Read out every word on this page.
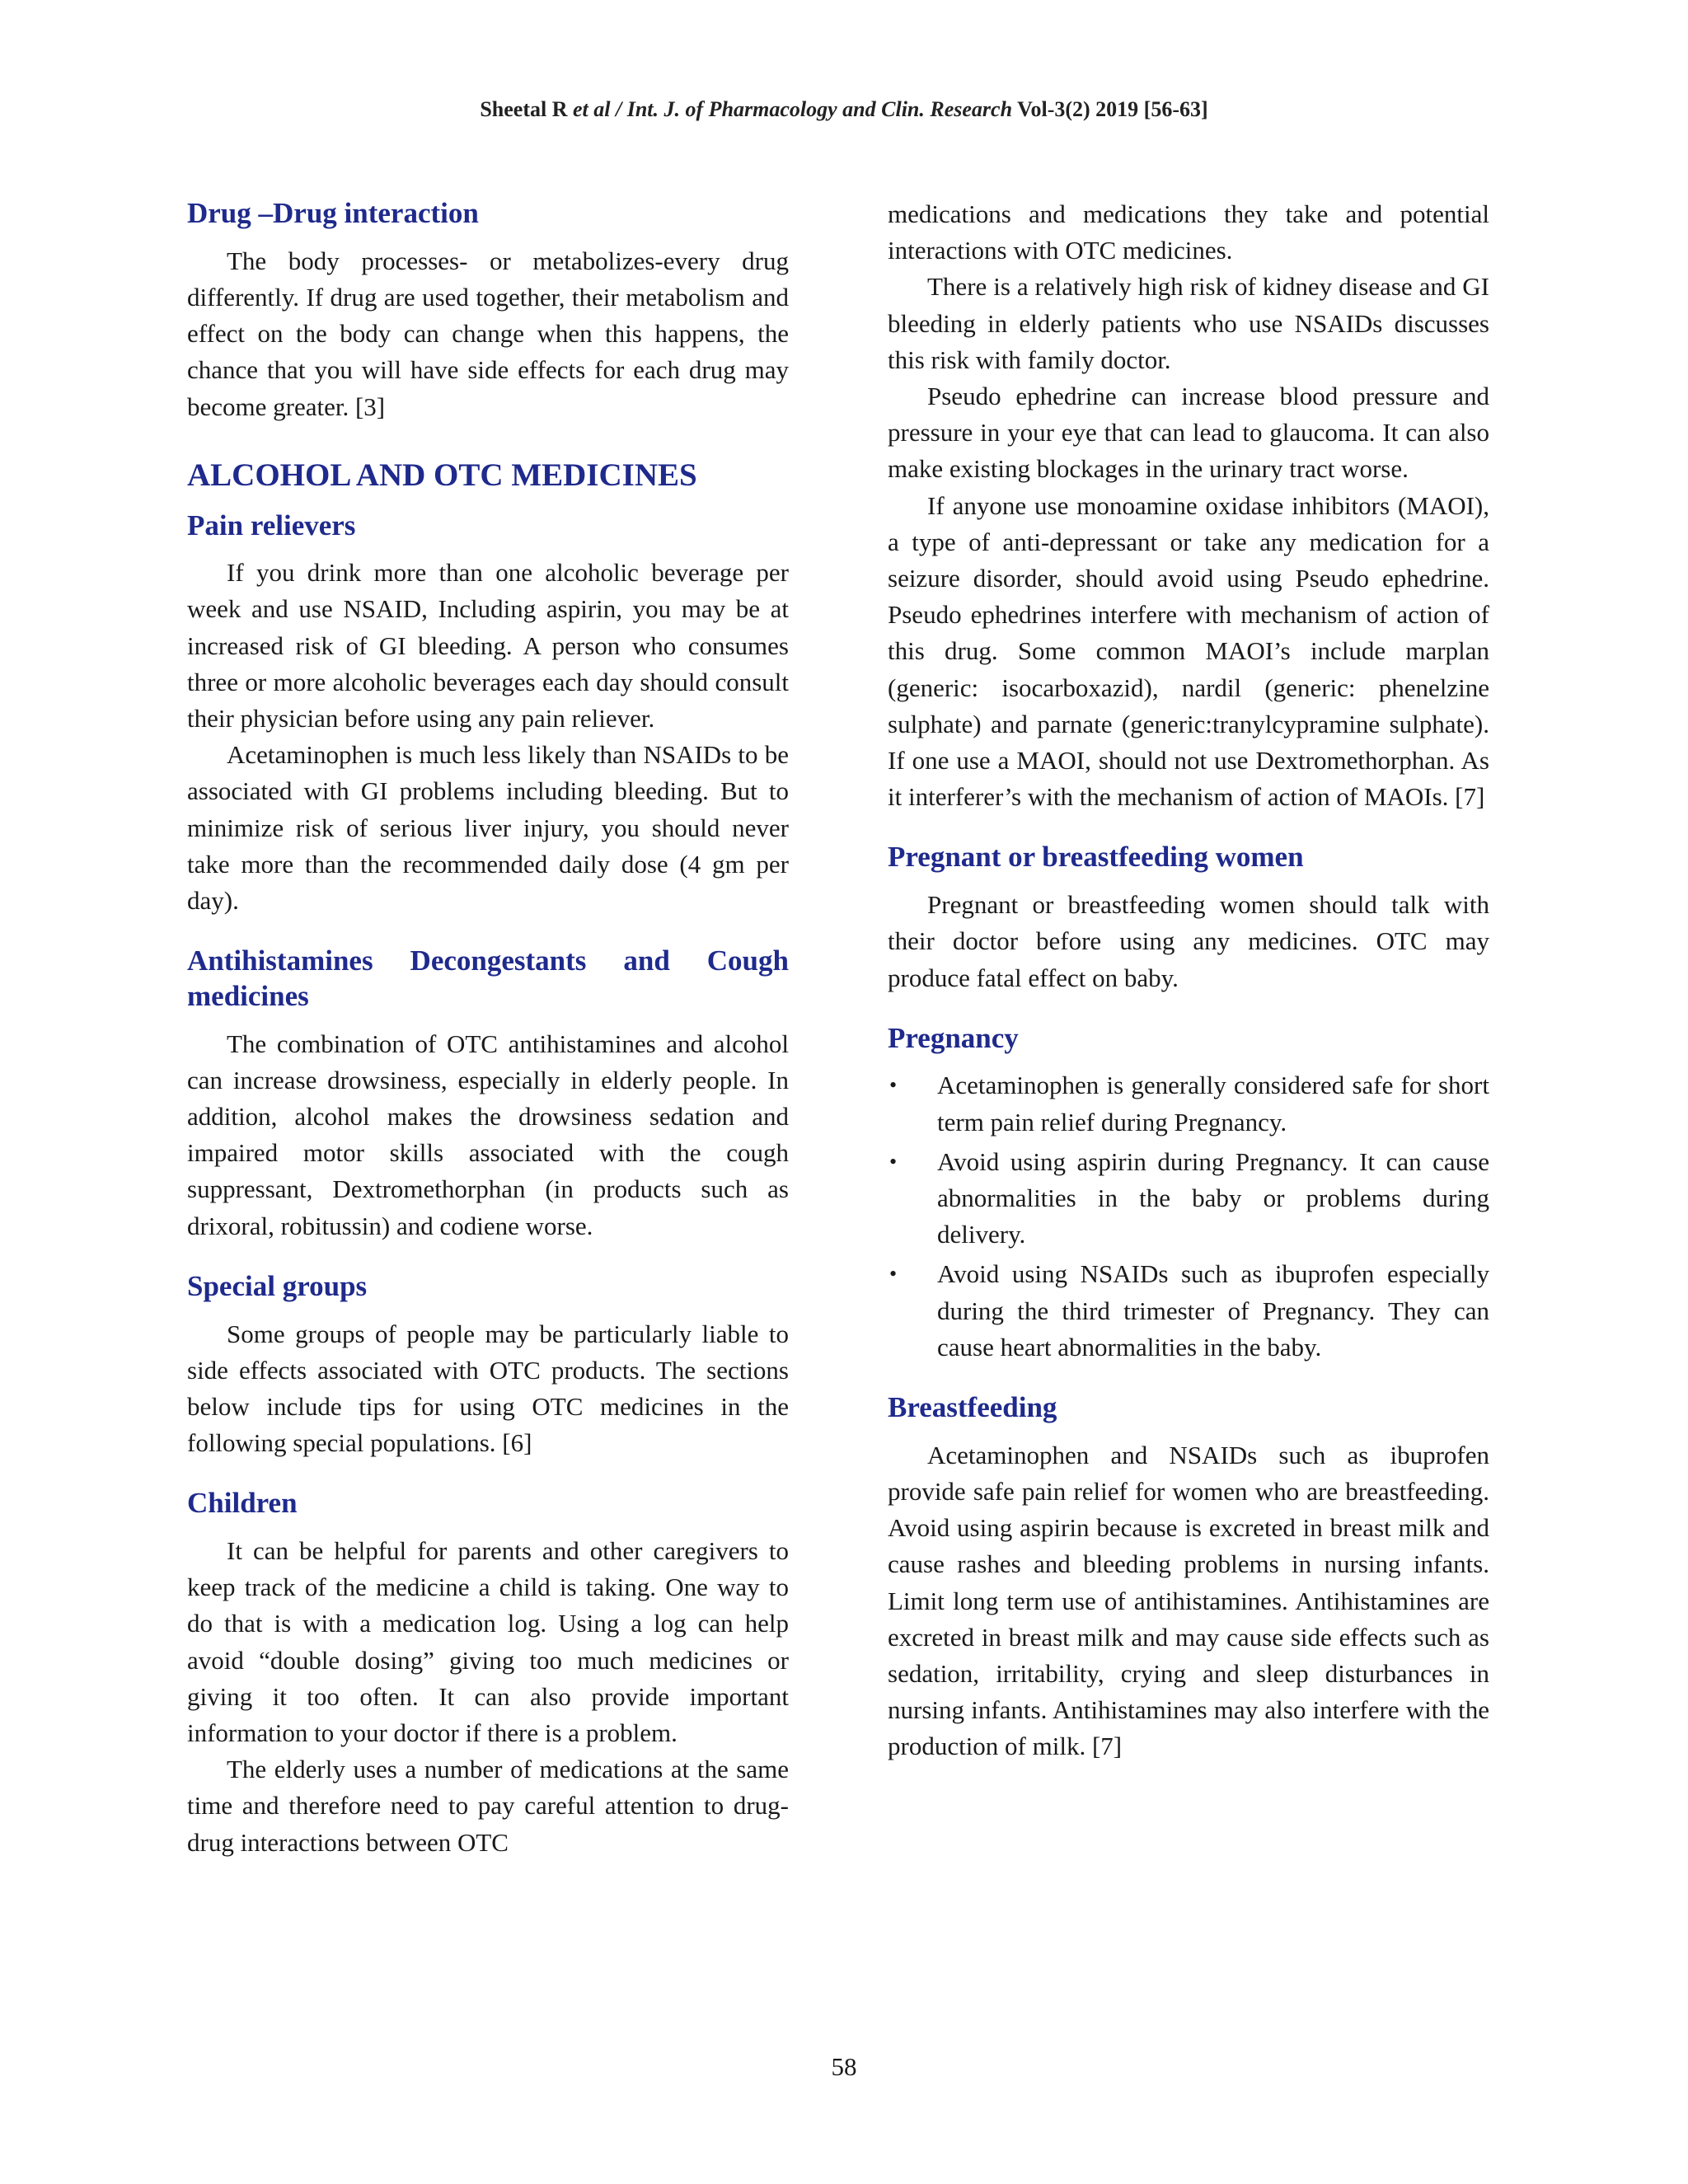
Sheetal R et al / Int. J. of Pharmacology and Clin. Research Vol-3(2) 2019 [56-63]
Drug –Drug interaction

The body processes- or metabolizes-every drug differently. If drug are used together, their metabolism and effect on the body can change when this happens, the chance that you will have side effects for each drug may become greater. [3]

ALCOHOL AND OTC MEDICINES
Pain relievers

If you drink more than one alcoholic beverage per week and use NSAID, Including aspirin, you may be at increased risk of GI bleeding. A person who consumes three or more alcoholic beverages each day should consult their physician before using any pain reliever.

Acetaminophen is much less likely than NSAIDs to be associated with GI problems including bleeding. But to minimize risk of serious liver injury, you should never take more than the recommended daily dose (4 gm per day).

Antihistamines Decongestants and Cough medicines

The combination of OTC antihistamines and alcohol can increase drowsiness, especially in elderly people. In addition, alcohol makes the drowsiness sedation and impaired motor skills associated with the cough suppressant, Dextromethorphan (in products such as drixoral, robitussin) and codiene worse.

Special groups

Some groups of people may be particularly liable to side effects associated with OTC products. The sections below include tips for using OTC medicines in the following special populations. [6]

Children

It can be helpful for parents and other caregivers to keep track of the medicine a child is taking. One way to do that is with a medication log. Using a log can help avoid “double dosing” giving too much medicines or giving it too often. It can also provide important information to your doctor if there is a problem.

The elderly uses a number of medications at the same time and therefore need to pay careful attention to drug-drug interactions between OTC

medications and medications they take and potential interactions with OTC medicines.

There is a relatively high risk of kidney disease and GI bleeding in elderly patients who use NSAIDs discusses this risk with family doctor.

Pseudo ephedrine can increase blood pressure and pressure in your eye that can lead to glaucoma. It can also make existing blockages in the urinary tract worse.

If anyone use monoamine oxidase inhibitors (MAOI), a type of anti-depressant or take any medication for a seizure disorder, should avoid using Pseudo ephedrine. Pseudo ephedrines interfere with mechanism of action of this drug. Some common MAOI’s include marplan (generic: isocarboxazid), nardil (generic: phenelzine sulphate) and parnate (generic:tranylcypramine sulphate). If one use a MAOI, should not use Dextromethorphan. As it interferer’s with the mechanism of action of MAOIs. [7]

Pregnant or breastfeeding women

Pregnant or breastfeeding women should talk with their doctor before using any medicines. OTC may produce fatal effect on baby.

Pregnancy
• Acetaminophen is generally considered safe for short term pain relief during Pregnancy.
• Avoid using aspirin during Pregnancy. It can cause abnormalities in the baby or problems during delivery.
• Avoid using NSAIDs such as ibuprofen especially during the third trimester of Pregnancy. They can cause heart abnormalities in the baby.
Breastfeeding

Acetaminophen and NSAIDs such as ibuprofen provide safe pain relief for women who are breastfeeding. Avoid using aspirin because is excreted in breast milk and cause rashes and bleeding problems in nursing infants. Limit long term use of antihistamines. Antihistamines are excreted in breast milk and may cause side effects such as sedation, irritability, crying and sleep disturbances in nursing infants. Antihistamines may also interfere with the production of milk. [7]

58
